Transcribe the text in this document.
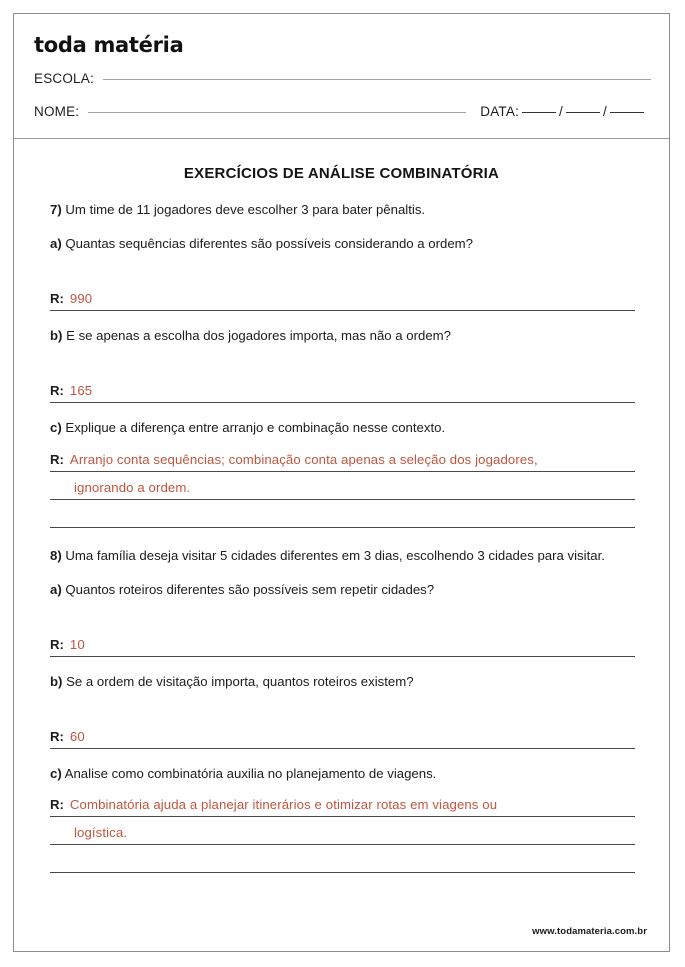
toda matéria
ESCOLA:
NOME:	DATA:	/	/
EXERCÍCIOS DE ANÁLISE COMBINATÓRIA

7) Um time de 11 jogadores deve escolher 3 para bater pênaltis.

a) Quantas sequências diferentes são possíveis considerando a ordem?

R: 990

b) E se apenas a escolha dos jogadores importa, mas não a ordem?

R: 165

c) Explique a diferença entre arranjo e combinação nesse contexto.

R: Arranjo conta sequências; combinação conta apenas a seleção dos jogadores,
ignorando a ordem.

8) Uma família deseja visitar 5 cidades diferentes em 3 dias, escolhendo 3 cidades para visitar.

a) Quantos roteiros diferentes são possíveis sem repetir cidades?

R: 10

b) Se a ordem de visitação importa, quantos roteiros existem?

R: 60

c) Analise como combinatória auxilia no planejamento de viagens.

R: Combinatória ajuda a planejar itinerários e otimizar rotas em viagens ou
logística.
www.todamateria.com.br
